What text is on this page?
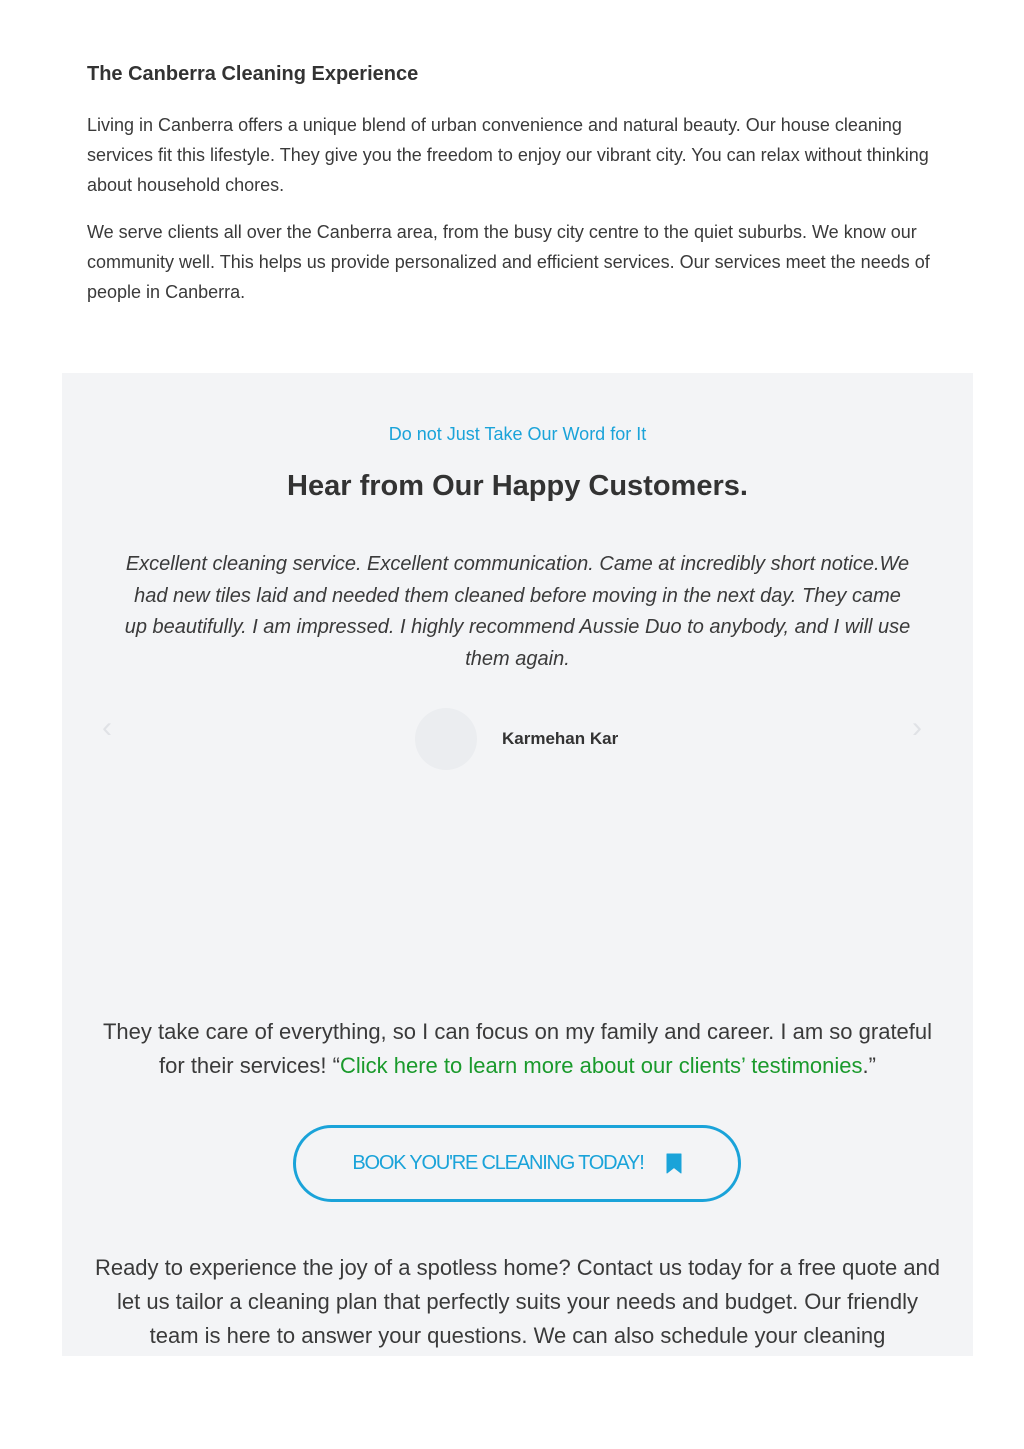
The Canberra Cleaning Experience

Living in Canberra offers a unique blend of urban convenience and natural beauty. Our house cleaning services fit this lifestyle. They give you the freedom to enjoy our vibrant city. You can relax without thinking about household chores.

We serve clients all over the Canberra area, from the busy city centre to the quiet suburbs. We know our community well. This helps us provide personalized and efficient services. Our services meet the needs of people in Canberra.

Do not Just Take Our Word for It
Hear from Our Happy Customers.
Excellent cleaning service. Excellent communication. Came at incredibly short notice.We had new tiles laid and needed them cleaned before moving in the next day. They came up beautifully. I am impressed. I highly recommend Aussie Duo to anybody, and I will use them again.
‹	›
Karmehan Kar

They take care of everything, so I can focus on my family and career. I am so grateful for their services! “Click here to learn more about our clients’ testimonies.”

BOOK YOU'RE CLEANING TODAY!

Ready to experience the joy of a spotless home? Contact us today for a free quote and let us tailor a cleaning plan that perfectly suits your needs and budget. Our friendly team is here to answer your questions. We can also schedule your cleaning
